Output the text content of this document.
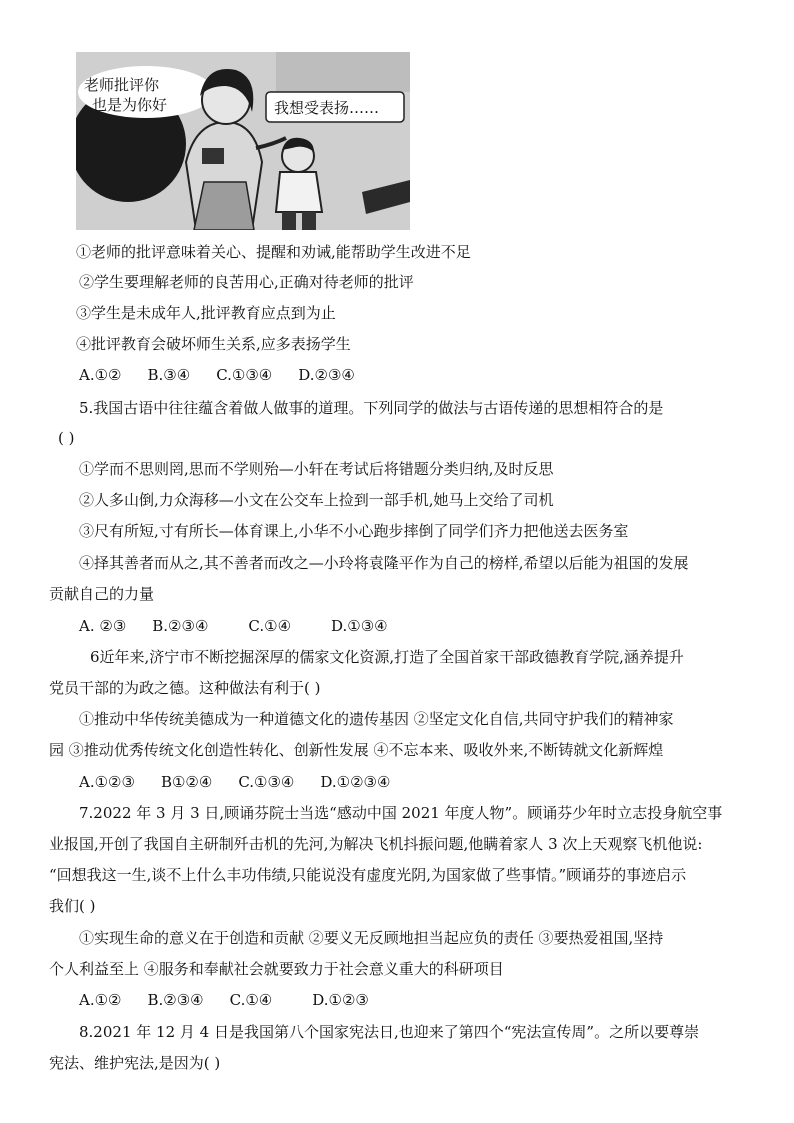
老师批评你
也是为你好	我想受表扬……
①老师的批评意味着关心、提醒和劝诫,能帮助学生改进不足
②学生要理解老师的良苦用心,正确对待老师的批评
③学生是未成年人,批评教育应点到为止
④批评教育会破坏师生关系,应多表扬学生
A.①② B.③④ C.①③④ D.②③④
5.我国古语中往往蕴含着做人做事的道理。下列同学的做法与古语传递的思想相符合的是
( )
①学而不思则罔,思而不学则殆—小轩在考试后将错题分类归纳,及时反思
②人多山倒,力众海移—小文在公交车上捡到一部手机,她马上交给了司机
③尺有所短,寸有所长—体育课上,小华不小心跑步摔倒了同学们齐力把他送去医务室
④择其善者而从之,其不善者而改之—小玲将袁隆平作为自己的榜样,希望以后能为祖国的发展
贡献自己的力量
A. ②③ B.②③④	C.①④	D.①③④
6近年来,济宁市不断挖掘深厚的儒家文化资源,打造了全国首家干部政德教育学院,涵养提升
党员干部的为政之德。这种做法有利于( )
①推动中华传统美德成为一种道德文化的遗传基因 ②坚定文化自信,共同守护我们的精神家
园 ③推动优秀传统文化创造性转化、创新性发展 ④不忘本来、吸收外来,不断铸就文化新辉煌
A.①②③ B①②④ C.①③④ D.①②③④
7.2022 年 3 月 3 日,顾诵芬院士当选“感动中国 2021 年度人物”。顾诵芬少年时立志投身航空事
业报国,开创了我国自主研制歼击机的先河,为解决飞机抖振问题,他瞒着家人 3 次上天观察飞机他说:
“回想我这一生,谈不上什么丰功伟绩,只能说没有虚度光阴,为国家做了些事情。”顾诵芬的事迹启示
我们( )
①实现生命的意义在于创造和贡献 ②要义无反顾地担当起应负的责任 ③要热爱祖国,坚持
个人利益至上 ④服务和奉献社会就要致力于社会意义重大的科研项目
A.①② B.②③④ C.①④	D.①②③
8.2021 年 12 月 4 日是我国第八个国家宪法日,也迎来了第四个“宪法宣传周”。之所以要尊崇
宪法、维护宪法,是因为( )
